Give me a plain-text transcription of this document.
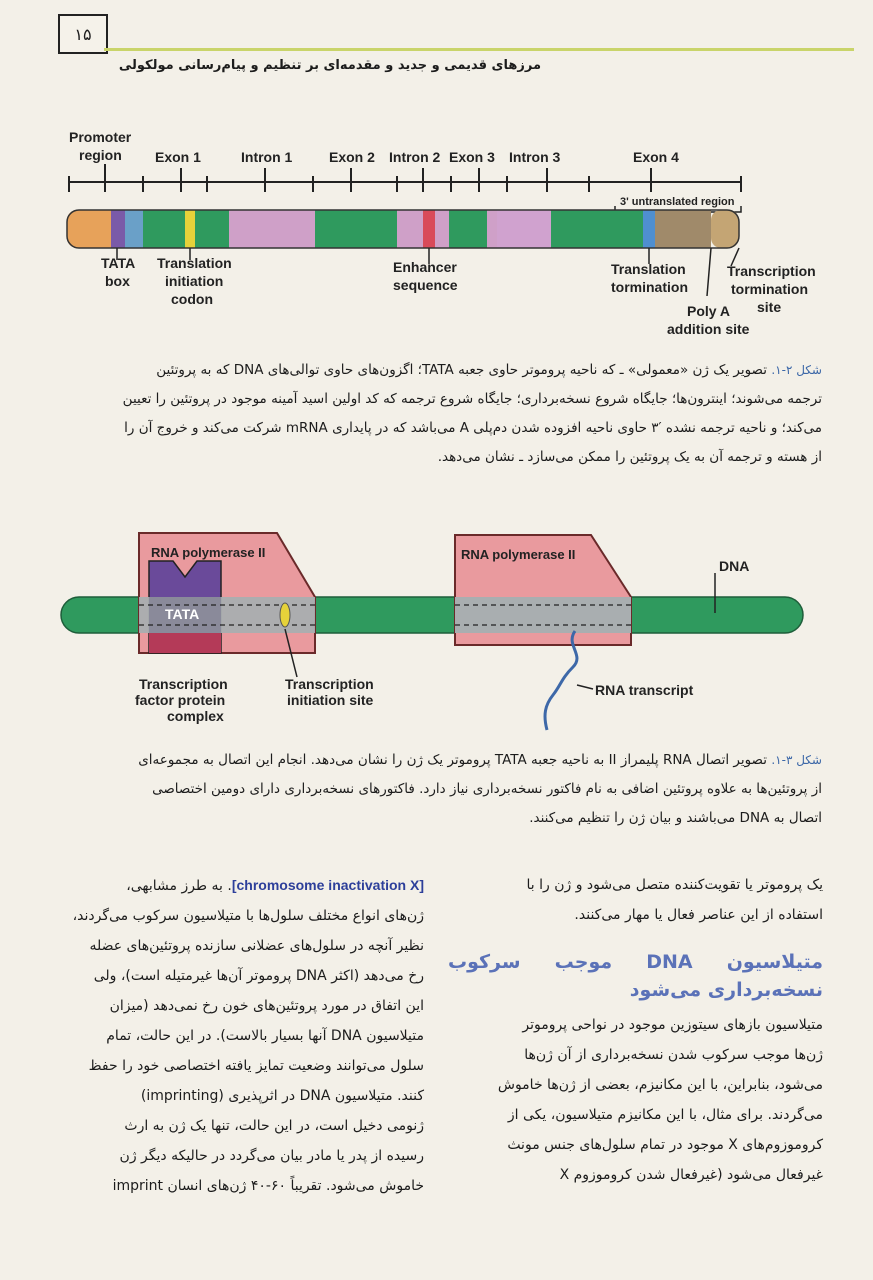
۱۵
مرزهای قدیمی و جدید و مقدمه‌ای بر تنظیم و پیام‌رسانی مولکولی
Promoter
region Exon 1	Intron 1	Exon 2 Intron 2 Exon 3 Intron 3	Exon 4
3' untranslated region
TATA
box
Translation
initiation
codon
Enhancer
sequence
Translation
tormination
Poly A
addition site
Transcription
tormination
site
شکل ۲-۱. تصویر یک ژن «معمولی» ـ که ناحیه پروموتر حاوی جعبه TATA؛ اگزون‌های حاوی توالی‌های DNA که به پروتئین
ترجمه می‌شوند؛ اینترون‌ها؛ جایگاه شروع نسخه‌برداری؛ جایگاه شروع ترجمه که کد اولین اسید آمینه موجود در پروتئین را تعیین
می‌کند؛ و ناحیه ترجمه نشده ′۳ حاوی ناحیه افزوده شدن دم‌پلی A می‌باشد که در پایداری mRNA شرکت می‌کند و خروج آن را
از هسته و ترجمه آن به یک پروتئین را ممکن می‌سازد ـ نشان می‌دهد.
RNA polymerase II
TATA
RNA polymerase II
DNA
Transcription
factor protein
complex
Transcription
initiation site
RNA transcript
شکل ۳-۱. تصویر اتصال RNA پلیمراز II به ناحیه جعبه TATA پروموتر یک ژن را نشان می‌دهد. انجام این اتصال به مجموعه‌ای
از پروتئین‌ها به علاوه پروتئین اضافی به نام فاکتور نسخه‌برداری نیاز دارد. فاکتورهای نسخه‌برداری دارای دومین اختصاصی
اتصال به DNA می‌باشند و بیان ژن را تنظیم می‌کنند.
یک پروموتر یا تقویت‌کننده متصل می‌شود و ژن را با
استفاده از این عناصر فعال یا مهار می‌کنند.
متیلاسیون DNA موجب سرکوب نسخه‌برداری می‌شود
متیلاسیون بازهای سیتوزین موجود در نواحی پروموتر
ژن‌ها موجب سرکوب شدن نسخه‌برداری از آن ژن‌ها
می‌شود، بنابراین، با این مکانیزم، بعضی از ژن‌ها خاموش
می‌گردند. برای مثال، با این مکانیزم متیلاسیون، یکی از
کروموزوم‌های X موجود در تمام سلول‌های جنس مونث
غیرفعال می‌شود (غیرفعال شدن کروموزوم X
[chromosome inactivation X]. به طرز مشابهی،
ژن‌های انواع مختلف سلول‌ها با متیلاسیون سرکوب می‌گردند،
نظیر آنچه در سلول‌های عضلانی سازنده پروتئین‌های عضله
رخ می‌دهد (اکثر DNA پروموتر آن‌ها غیرمتیله است)، ولی
این اتفاق در مورد پروتئین‌های خون رخ نمی‌دهد (میزان
متیلاسیون DNA آنها بسیار بالاست). در این حالت، تمام
سلول می‌توانند وضعیت تمایز یافته اختصاصی خود را حفظ
کنند. متیلاسیون DNA در اثرپذیری (imprinting)
ژنومی دخیل است، در این حالت، تنها یک ژن به ارث
رسیده از پدر یا مادر بیان می‌گردد در حالیکه دیگر ژن
خاموش می‌شود. تقریباً ۶۰-۴۰ ژن‌های انسان imprint
